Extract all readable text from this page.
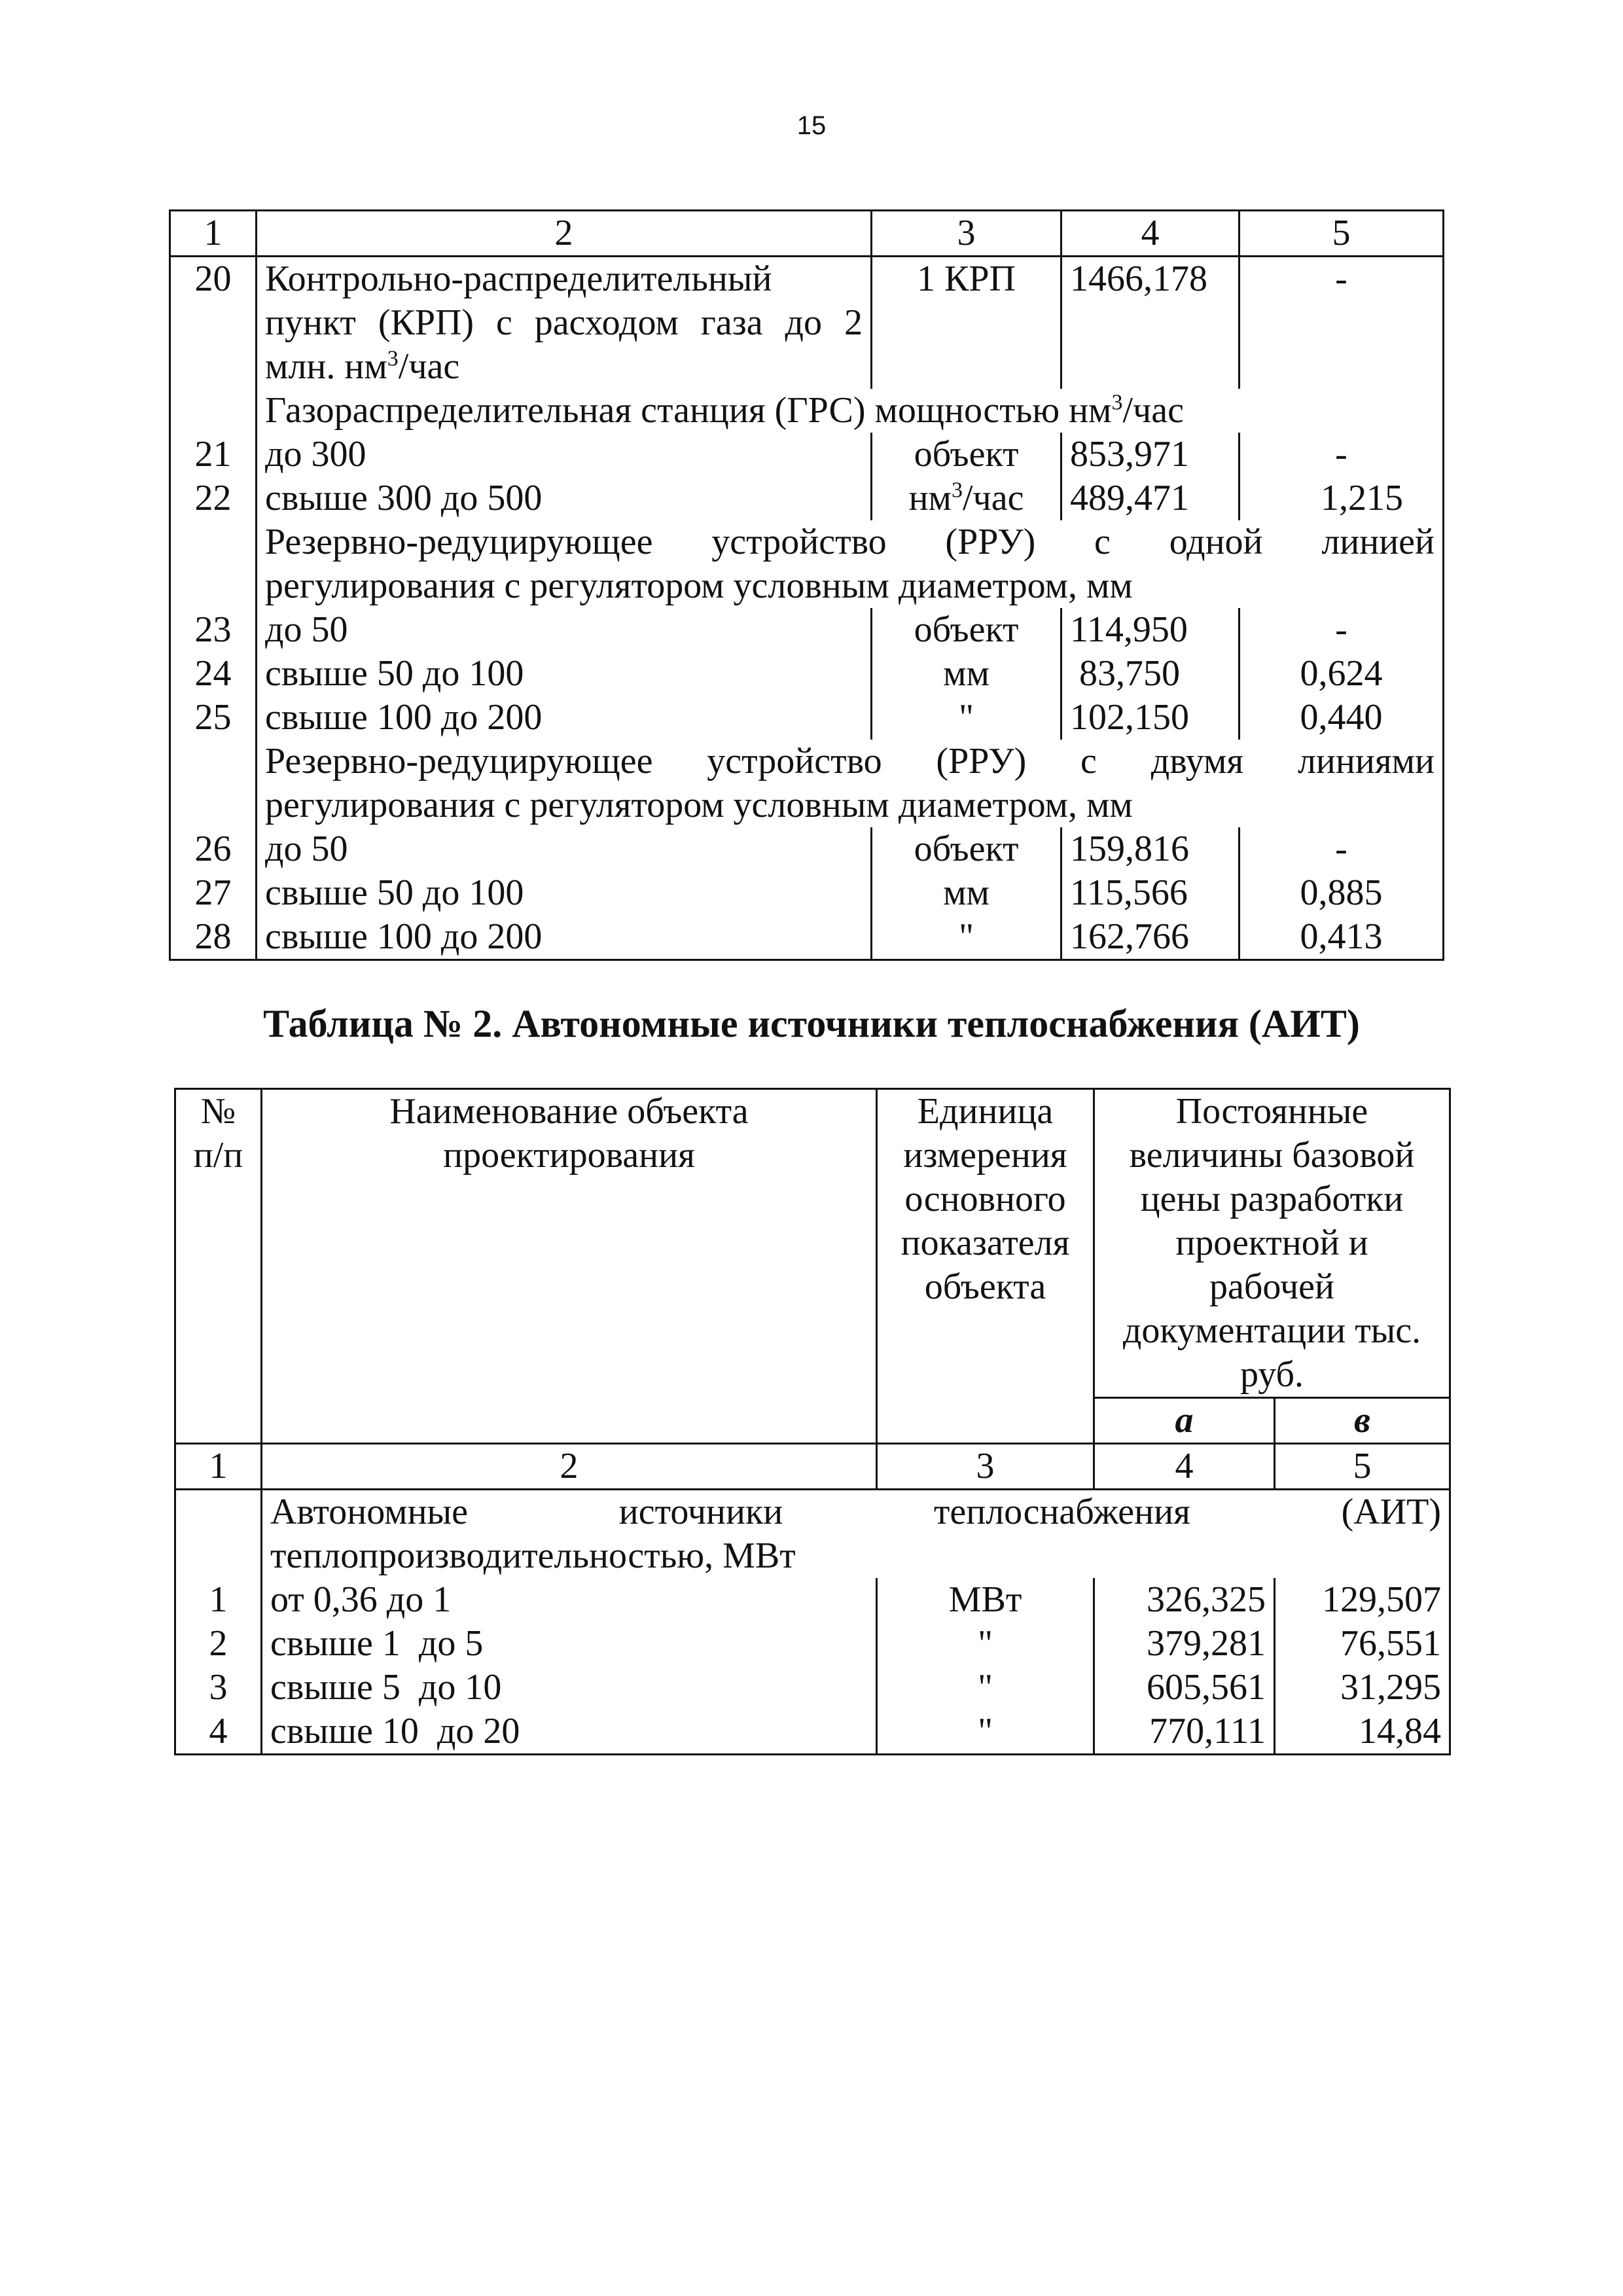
15
1	2	3	4	5
20	Контрольно-распределительный
пункт (КРП) с расходом газа до 2
млн. $нм^3$/час	1 КРП	1466,178	-
	Газораспределительная станция (ГРС) мощностью $нм^3$/час			
21	до 300	объект	853,971	-
22	свыше 300 до 500	$нм^3$/час	489,471	1,215

	Резервно-редуцирующее устройство (РРУ) с одной линией
регулирования с регулятором условным диаметром, мм			

23	до 50	объект	114,950	-
24	свыше 50 до 100	мм	83,750	0,624
25	свыше 100 до 200	"	102,150	0,440

	Резервно-редуцирующее устройство (РРУ) с двумя линиями
регулирования с регулятором условным диаметром, мм			

26	до 50	объект	159,816	-
27	свыше 50 до 100	мм	115,566	0,885
28	свыше 100 до 200	"	162,766	0,413
Таблица № 2. Автономные источники теплоснабжения (АИТ)
№ п/п	Наименование объекта проектирования	Единица измерения основного показателя объекта	Постоянные величины базовой цены разработки проектной и рабочей документации тыс. руб.	
			а	в
1	2	3	4	5

	Автономные источники теплоснабжения (АИТ)
теплопроизводительностью, МВт			

1	от 0,36 до 1	МВт	326,325	129,507
2	свыше 1  до 5	"	379,281	76,551
3	свыше 5  до 10	"	605,561	31,295
4	свыше 10  до 20	"	770,111	14,84
